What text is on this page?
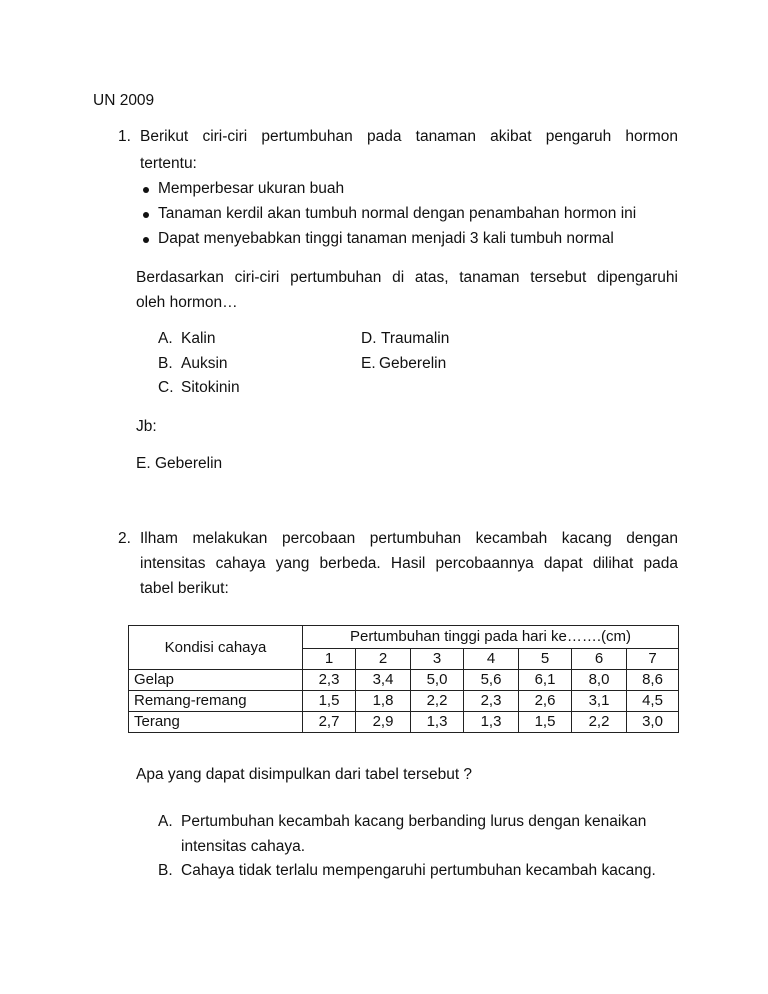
UN 2009
1. Berikut ciri-ciri pertumbuhan pada tanaman akibat pengaruh hormon
tertentu:
Memperbesar ukuran buah
Tanaman kerdil akan tumbuh normal dengan penambahan hormon ini
Dapat menyebabkan tinggi tanaman menjadi 3 kali tumbuh normal
Berdasarkan ciri-ciri pertumbuhan di atas, tanaman tersebut dipengaruhi
oleh hormon…
A. Kalin
B. Auksin
C. Sitokinin
D. Traumalin
E. Geberelin
Jb:
E. Geberelin
2. Ilham melakukan percobaan pertumbuhan kecambah kacang dengan
intensitas cahaya yang berbeda. Hasil percobaannya dapat dilihat pada
tabel berikut:
Kondisi cahaya	Pertumbuhan tinggi pada hari ke…….(cm)						
	1	2	3	4	5	6	7
Gelap	2,3	3,4	5,0	5,6	6,1	8,0	8,6
Remang-remang	1,5	1,8	2,2	2,3	2,6	3,1	4,5
Terang	2,7	2,9	1,3	1,3	1,5	2,2	3,0
Apa yang dapat disimpulkan dari tabel tersebut ?
A. Pertumbuhan kecambah kacang berbanding lurus dengan kenaikan
intensitas cahaya.
B. Cahaya tidak terlalu mempengaruhi pertumbuhan kecambah kacang.
